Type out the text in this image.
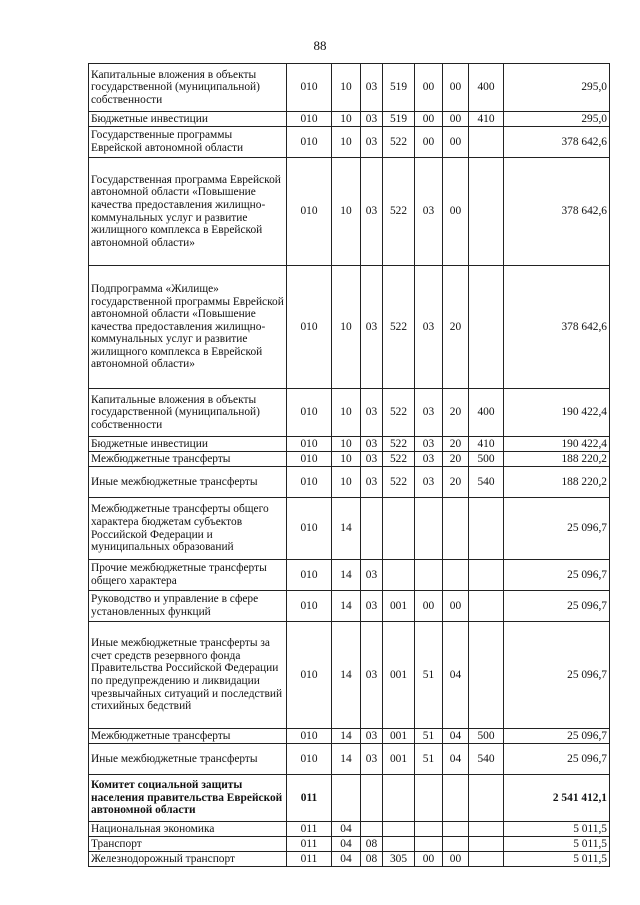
88
Капитальные вложения в объекты государственной (муниципальной) собственности	010	10	03	519	00	00	400	295,0
Бюджетные инвестиции	010	10	03	519	00	00	410	295,0
Государственные программы Еврейской автономной области	010	10	03	522	00	00		378 642,6
Государственная программа Еврейской автономной области «Повышение качества предоставления жилищно-коммунальных услуг и развитие жилищного комплекса в Еврейской автономной области»	010	10	03	522	03	00		378 642,6
Подпрограмма «Жилище» государственной программы Еврейской автономной области «Повышение качества предоставления жилищно-коммунальных услуг и развитие жилищного комплекса в Еврейской автономной области»	010	10	03	522	03	20		378 642,6
Капитальные вложения в объекты государственной (муниципальной) собственности	010	10	03	522	03	20	400	190 422,4
Бюджетные инвестиции	010	10	03	522	03	20	410	190 422,4
Межбюджетные трансферты	010	10	03	522	03	20	500	188 220,2
Иные межбюджетные трансферты	010	10	03	522	03	20	540	188 220,2
Межбюджетные трансферты общего характера бюджетам субъектов Российской Федерации и муниципальных образований	010	14						25 096,7
Прочие межбюджетные трансферты общего характера	010	14	03					25 096,7
Руководство и управление в сфере установленных функций	010	14	03	001	00	00		25 096,7
Иные межбюджетные трансферты за счет средств резервного фонда Правительства Российской Федерации по предупреждению и ликвидации чрезвычайных ситуаций и последствий стихийных бедствий	010	14	03	001	51	04		25 096,7
Межбюджетные трансферты	010	14	03	001	51	04	500	25 096,7
Иные межбюджетные трансферты	010	14	03	001	51	04	540	25 096,7
Комитет социальной защиты населения правительства Еврейской автономной области	011							2 541 412,1
Национальная экономика	011	04						5 011,5
Транспорт	011	04	08					5 011,5
Железнодорожный транспорт	011	04	08	305	00	00		5 011,5
